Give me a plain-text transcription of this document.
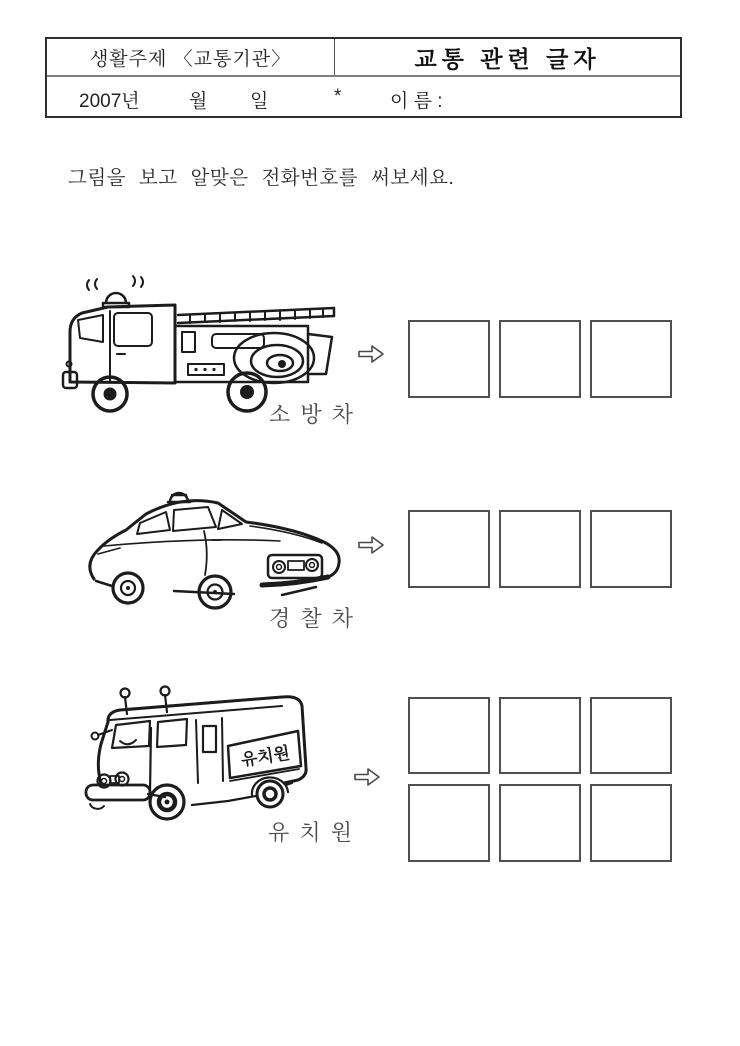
생활주제 〈교통기관〉	교통 관련 글자
2007년	월 일	*	이 름 :
그림을 보고 알맞은 전화번호를 써보세요.
소 방 차
경 찰 차
유치원
유 치 원
